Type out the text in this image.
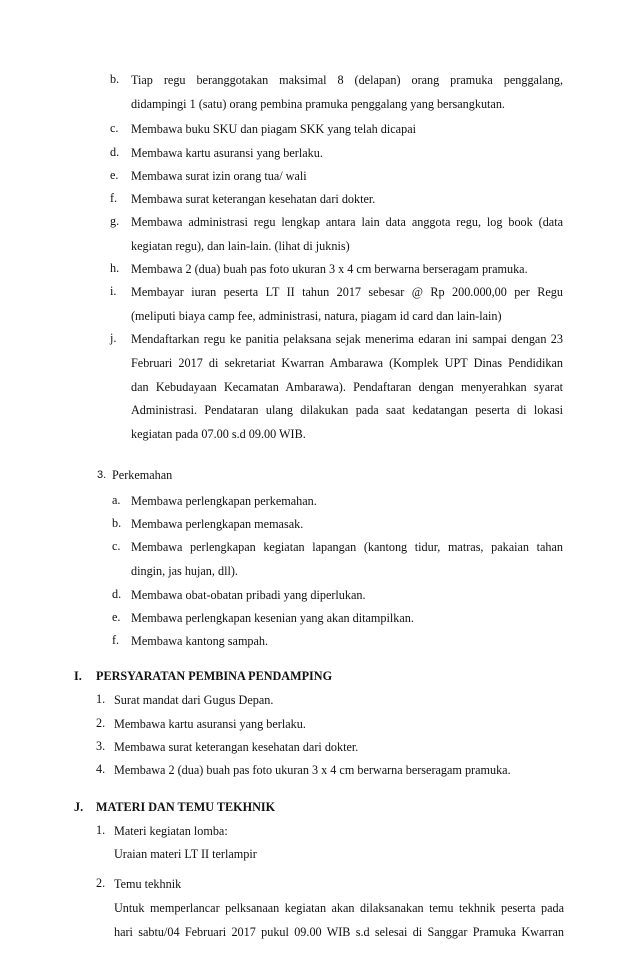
b. Tiap regu beranggotakan maksimal 8 (delapan) orang pramuka penggalang,
didampingi 1 (satu) orang pembina pramuka penggalang yang bersangkutan.
c. Membawa buku SKU dan piagam SKK yang telah dicapai
d. Membawa kartu asuransi yang berlaku.
e. Membawa surat izin orang tua/ wali
f. Membawa surat keterangan kesehatan dari dokter.
g. Membawa administrasi regu lengkap antara lain data anggota regu, log book (data
kegiatan regu), dan lain-lain. (lihat di juknis)
h. Membawa 2 (dua) buah pas foto ukuran 3 x 4 cm berwarna berseragam pramuka.
i. Membayar iuran peserta LT II tahun 2017 sebesar @ Rp 200.000,00 per Regu
(meliputi biaya camp fee, administrasi, natura, piagam id card dan lain-lain)
j. Mendaftarkan regu ke panitia pelaksana sejak menerima edaran ini sampai dengan 23
Februari 2017 di sekretariat Kwarran Ambarawa (Komplek UPT Dinas Pendidikan
dan Kebudayaan Kecamatan Ambarawa). Pendaftaran dengan menyerahkan syarat
Administrasi. Pendataran ulang dilakukan pada saat kedatangan peserta di lokasi
kegiatan pada 07.00 s.d 09.00 WIB.
3. Perkemahan
a. Membawa perlengkapan perkemahan.
b. Membawa perlengkapan memasak.
c. Membawa perlengkapan kegiatan lapangan (kantong tidur, matras, pakaian tahan
dingin, jas hujan, dll).
d. Membawa obat-obatan pribadi yang diperlukan.
e. Membawa perlengkapan kesenian yang akan ditampilkan.
f. Membawa kantong sampah.
I. PERSYARATAN PEMBINA PENDAMPING
1. Surat mandat dari Gugus Depan.
2. Membawa kartu asuransi yang berlaku.
3. Membawa surat keterangan kesehatan dari dokter.
4. Membawa 2 (dua) buah pas foto ukuran 3 x 4 cm berwarna berseragam pramuka.
J. MATERI DAN TEMU TEKHNIK
1. Materi kegiatan lomba:
Uraian materi LT II terlampir
2. Temu tekhnik
Untuk memperlancar pelksanaan kegiatan akan dilaksanakan temu tekhnik peserta pada
hari sabtu/04 Februari 2017 pukul 09.00 WIB s.d selesai di Sanggar Pramuka Kwarran
